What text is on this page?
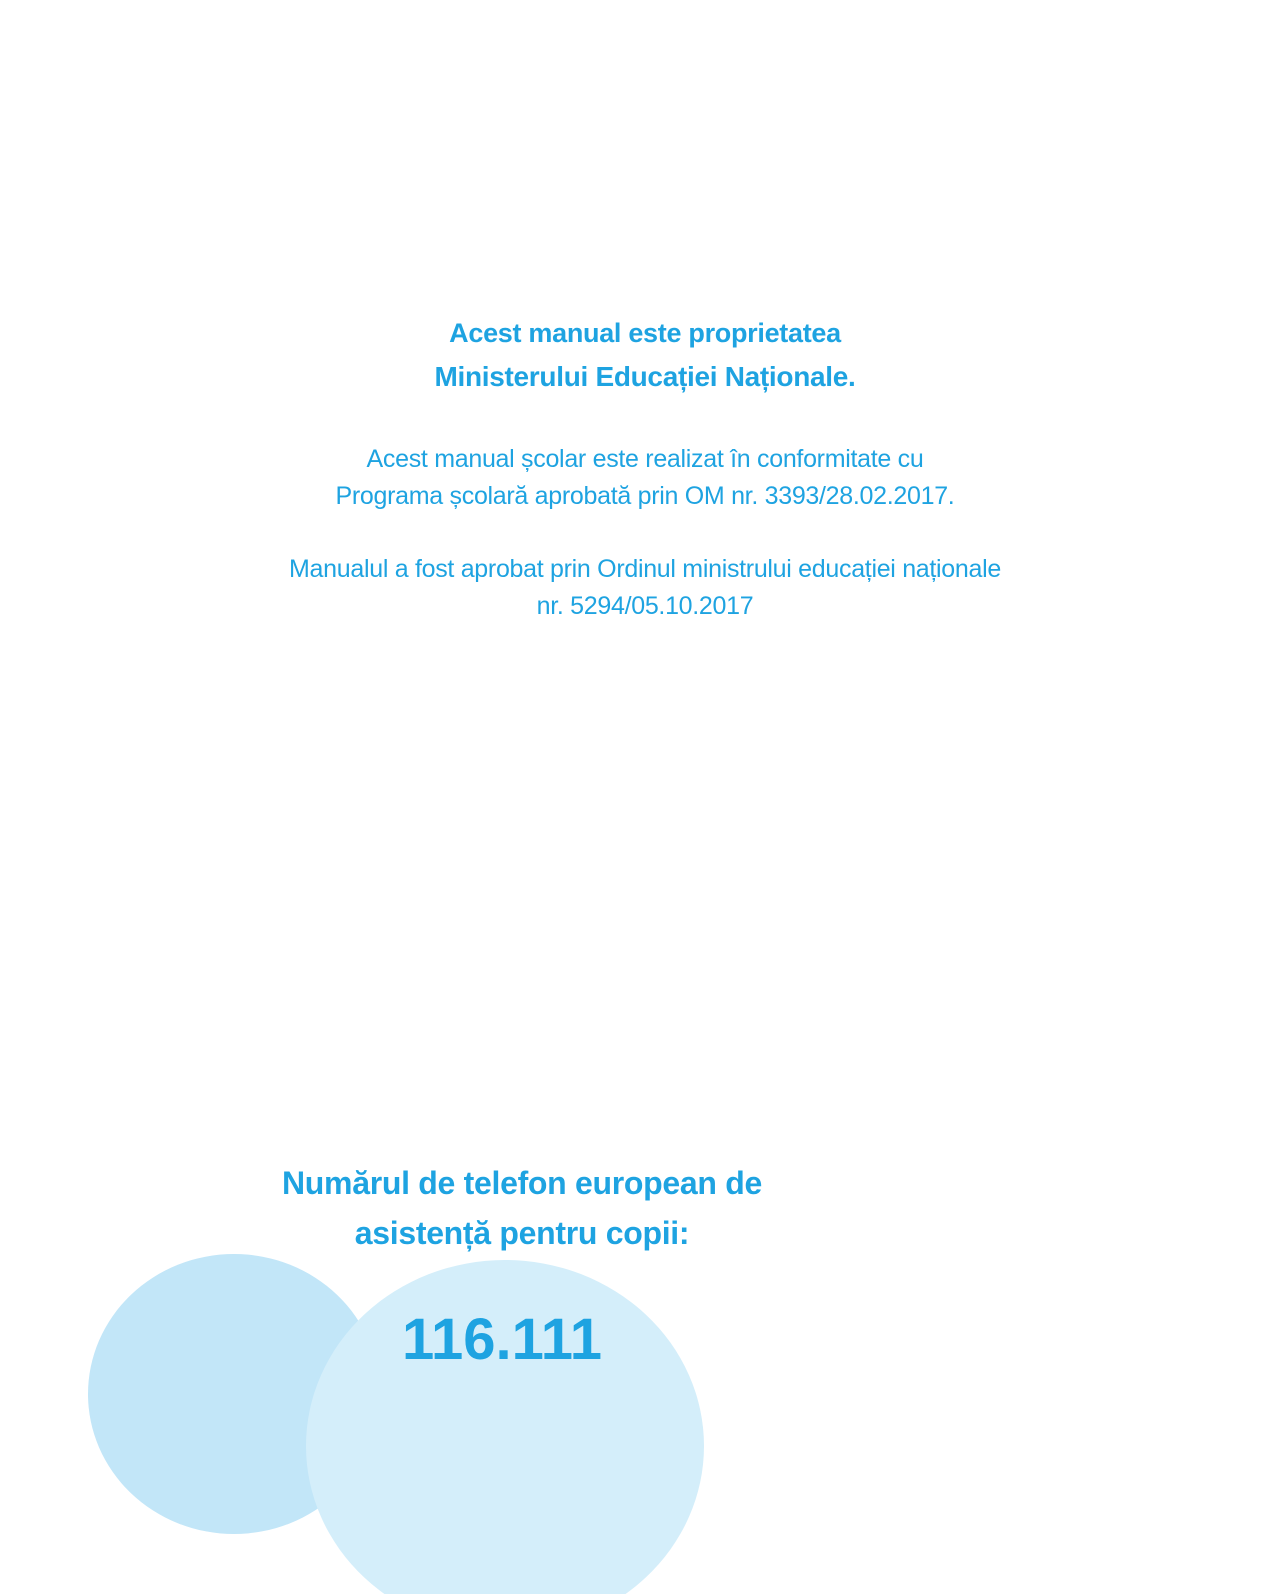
Acest manual este proprietatea
Ministerului Educației Naționale.
Acest manual școlar este realizat în conformitate cu
Programa școlară aprobată prin OM nr. 3393/28.02.2017.
Manualul a fost aprobat prin Ordinul ministrului educației naționale
nr. 5294/05.10.2017
Numărul de telefon european de
asistență pentru copii:
116.111
